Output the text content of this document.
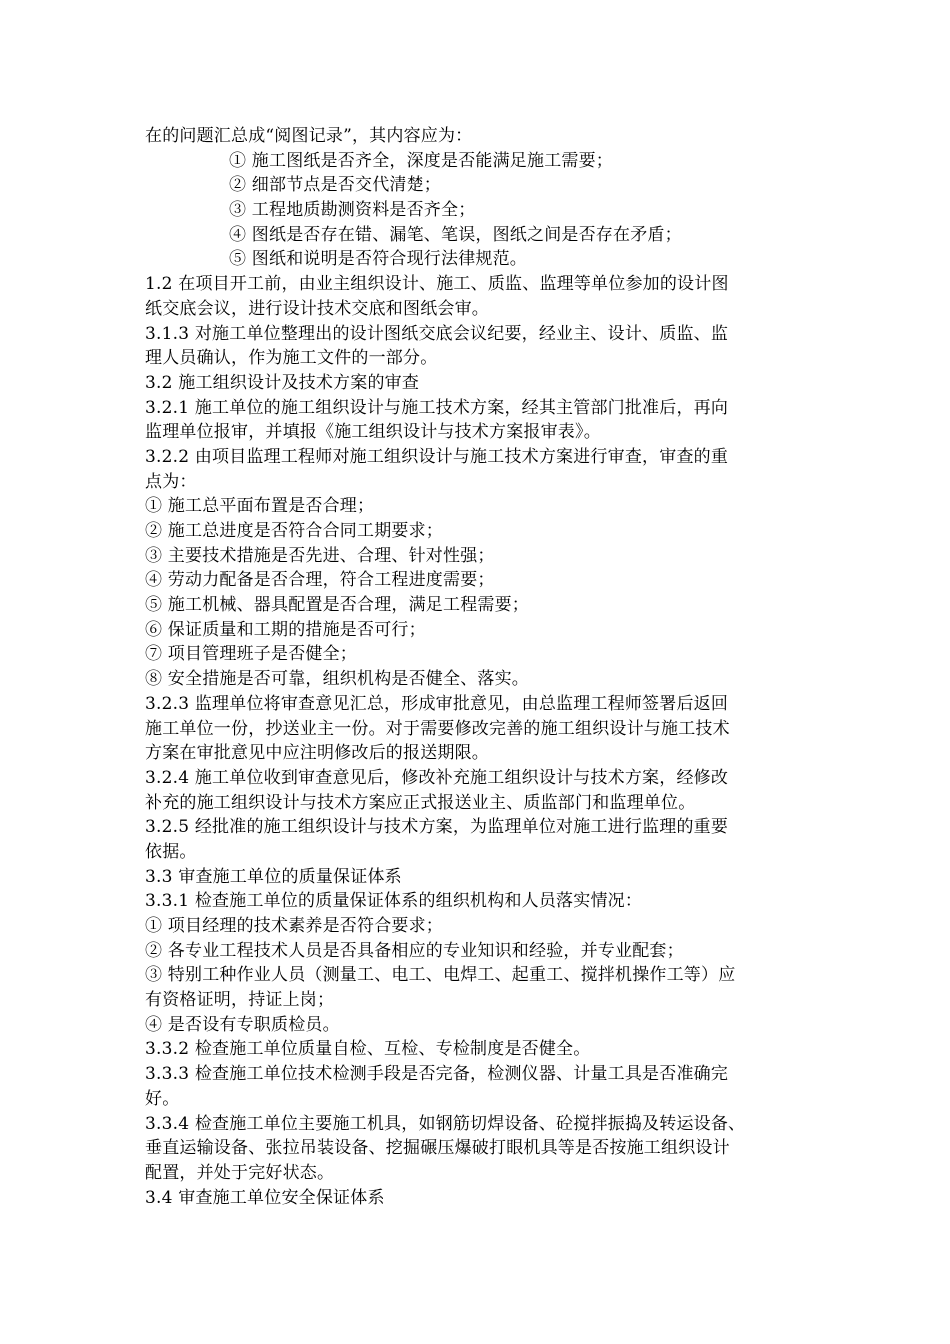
在的问题汇总成“阅图记录”，其内容应为：
① 施工图纸是否齐全，深度是否能满足施工需要；
② 细部节点是否交代清楚；
③ 工程地质勘测资料是否齐全；
④ 图纸是否存在错、漏笔、笔误，图纸之间是否存在矛盾；
⑤ 图纸和说明是否符合现行法律规范。
1.2 在项目开工前，由业主组织设计、施工、质监、监理等单位参加的设计图
纸交底会议，进行设计技术交底和图纸会审。
3.1.3 对施工单位整理出的设计图纸交底会议纪要，经业主、设计、质监、监
理人员确认，作为施工文件的一部分。
3.2 施工组织设计及技术方案的审查
3.2.1 施工单位的施工组织设计与施工技术方案，经其主管部门批准后，再向
监理单位报审，并填报《施工组织设计与技术方案报审表》。
3.2.2 由项目监理工程师对施工组织设计与施工技术方案进行审查，审查的重
点为：
① 施工总平面布置是否合理；
② 施工总进度是否符合合同工期要求；
③ 主要技术措施是否先进、合理、针对性强；
④ 劳动力配备是否合理，符合工程进度需要；
⑤ 施工机械、器具配置是否合理，满足工程需要；
⑥ 保证质量和工期的措施是否可行；
⑦ 项目管理班子是否健全；
⑧ 安全措施是否可靠，组织机构是否健全、落实。
3.2.3 监理单位将审查意见汇总，形成审批意见，由总监理工程师签署后返回
施工单位一份，抄送业主一份。对于需要修改完善的施工组织设计与施工技术
方案在审批意见中应注明修改后的报送期限。
3.2.4 施工单位收到审查意见后，修改补充施工组织设计与技术方案，经修改
补充的施工组织设计与技术方案应正式报送业主、质监部门和监理单位。
3.2.5 经批准的施工组织设计与技术方案，为监理单位对施工进行监理的重要
依据。
3.3 审查施工单位的质量保证体系
3.3.1 检查施工单位的质量保证体系的组织机构和人员落实情况：
① 项目经理的技术素养是否符合要求；
② 各专业工程技术人员是否具备相应的专业知识和经验，并专业配套；
③ 特别工种作业人员（测量工、电工、电焊工、起重工、搅拌机操作工等）应
有资格证明，持证上岗；
④ 是否设有专职质检员。
3.3.2 检查施工单位质量自检、互检、专检制度是否健全。
3.3.3 检查施工单位技术检测手段是否完备，检测仪器、计量工具是否准确完
好。
3.3.4 检查施工单位主要施工机具，如钢筋切焊设备、砼搅拌振捣及转运设备、
垂直运输设备、张拉吊装设备、挖掘碾压爆破打眼机具等是否按施工组织设计
配置，并处于完好状态。
3.4 审查施工单位安全保证体系
